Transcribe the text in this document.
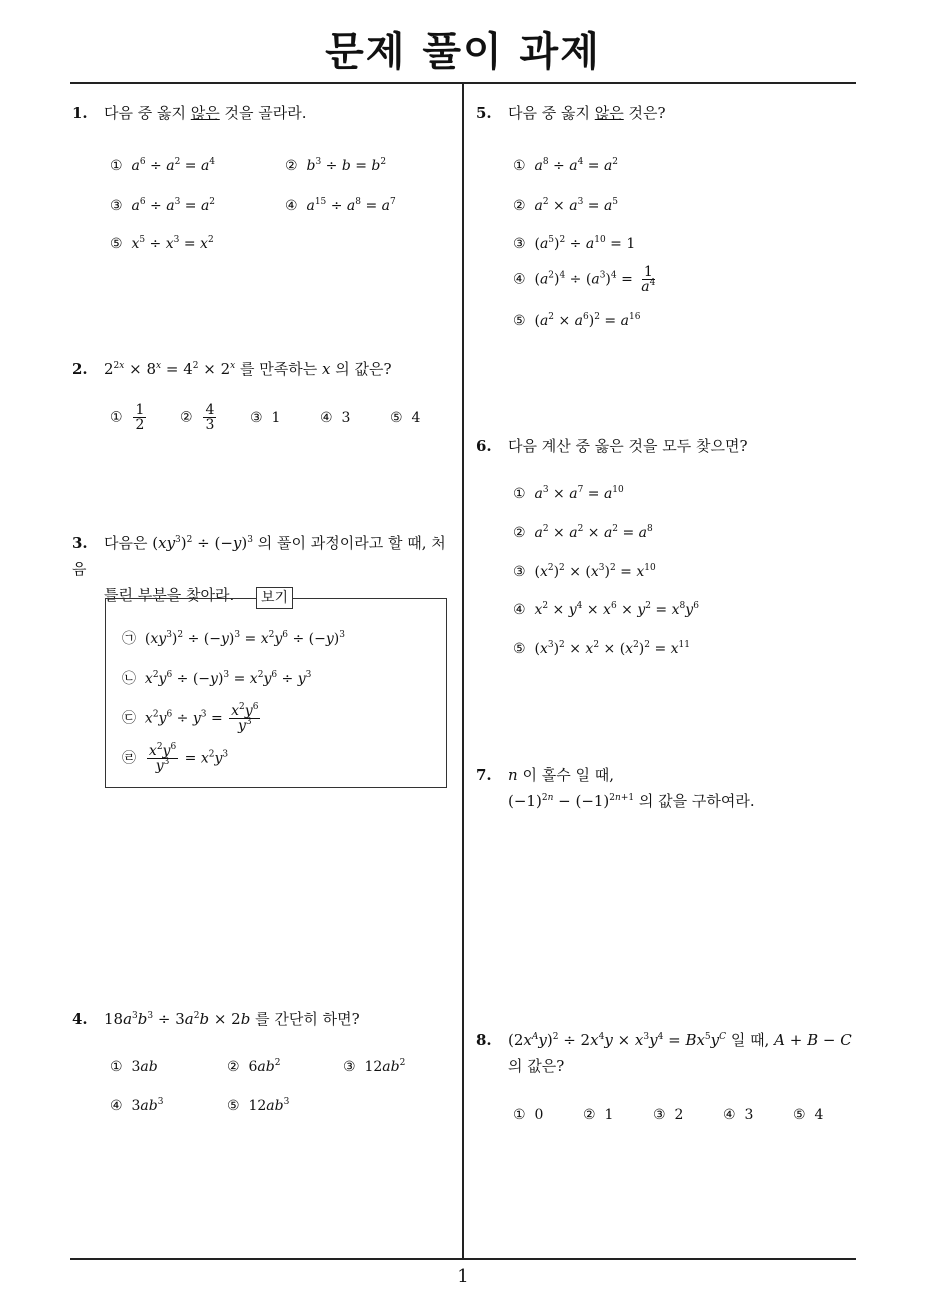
문제 풀이 과제
1
1. 다음 중 옳지 않은 것을 골라라.
① $a^6 \div a^2 = a^4$	② $b^3 \div b = b^2$
③ $a^6 \div a^3 = a^2$	④ $a^{15} \div a^8 = a^7$
⑤ $x^5 \div x^3 = x^2$
2. $2^{2x} \times 8^x = 4^2 \times 2^x$ 를 만족하는 x 의 값은?
① $\frac{1}{2}$ ② $\frac{4}{3}$ ③ 1	④ 3	⑤ 4
3. 다음은 $(xy^3)^2 \div (-y)^3$ 의 풀이 과정이라고 할 때, 처음
틀린 부분을 찾아라.	보기
㉠  $(xy^3)^2 \div (-y)^3 = x^2y^6 \div (-y)^3$
㉡ $x^2y^6 \div (-y)^3 = x^2y^6 \div y^3$
㉢ $x^2y^6 \div y^3 = \frac{x^2y^6}{y^3}$
㉣ $\frac{x^2y^6}{y^3} = x^2y^3$
4. $18a^3b^3 \div 3a^2b \times 2b$ 를 간단히 하면?
① 3ab	② $6ab^2$	③ $12ab^2$
④ $3ab^3$	⑤ $12ab^3$
5. 다음 중 옳지 않은 것은?
① $a^8 \div a^4 = a^2$
② $a^2 \times a^3 = a^5$
③  $(a^5)^2 \div a^{10} = 1$
④  $(a^2)^4 \div (a^3)^4 = \frac{1}{a^4}$
⑤  $(a^2 \times a^6)^2 = a^{16}$
6. 다음 계산 중 옳은 것을 모두 찾으면?
① $a^3 \times a^7 = a^{10}$
② $a^2 \times a^2 \times a^2 = a^8$
③  $(x^2)^2 \times (x^3)^2 = x^{10}$
④ $x^2 \times y^4 \times x^6 \times y^2 = x^8y^6$
⑤  $(x^3)^2 \times x^2 \times (x^2)^2 = x^{11}$
7. n 이 홀수 일 때,
$(-1)^{2n} - (-1)^{2n+1}$ 의 값을 구하여라.
8. $(2x^Ay)^2 \div 2x^4y \times x^3y^4 = Bx^5y^C$ 일 때, A + B − C
의 값은?
① 0	② 1	③ 2	④ 3	⑤ 4
